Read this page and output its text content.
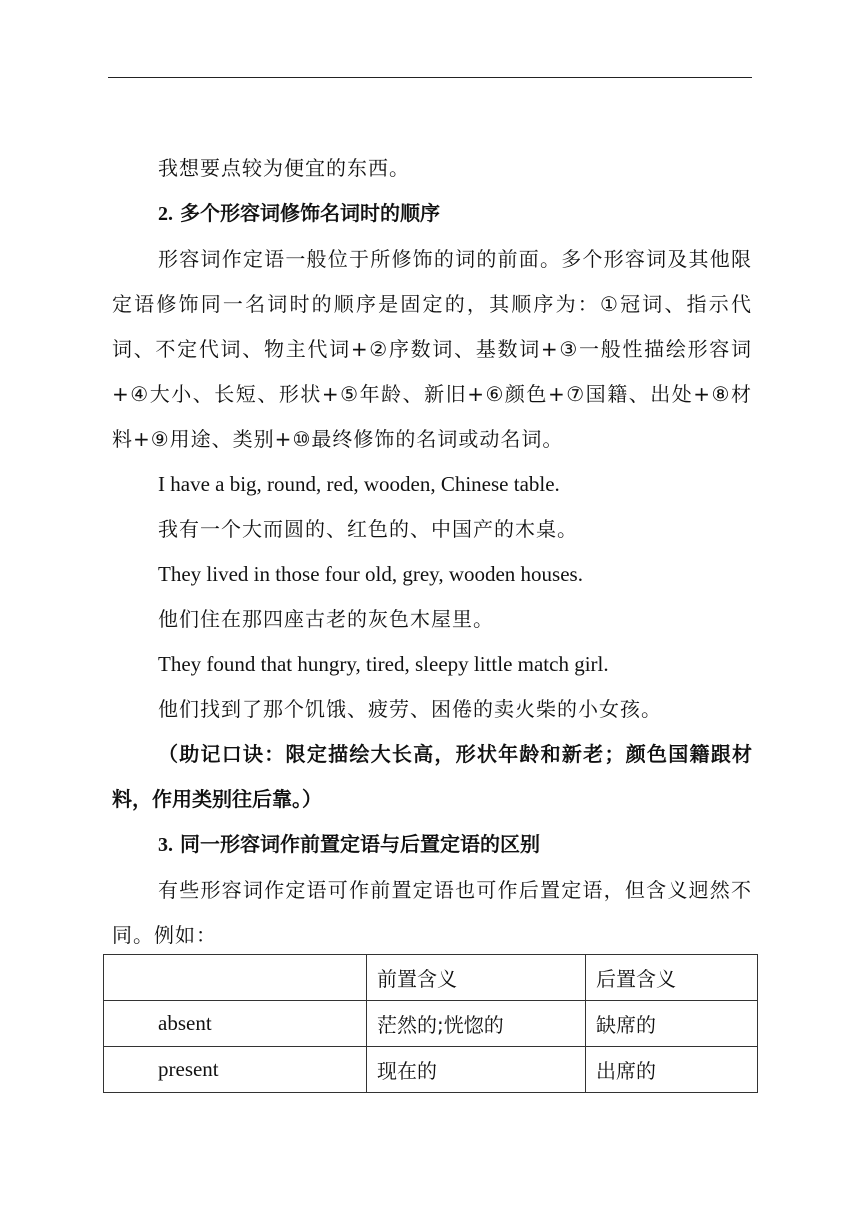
我想要点较为便宜的东西。

2. 多个形容词修饰名词时的顺序

形容词作定语一般位于所修饰的词的前面。多个形容词及其他限定语修饰同一名词时的顺序是固定的，其顺序为：①冠词、指示代词、不定代词、物主代词+②序数词、基数词+③一般性描绘形容词+④大小、长短、形状+⑤年龄、新旧+⑥颜色+⑦国籍、出处+⑧材料+⑨用途、类别+⑩最终修饰的名词或动名词。

I have a big, round, red, wooden, Chinese table.

我有一个大而圆的、红色的、中国产的木桌。

They lived in those four old, grey, wooden houses.

他们住在那四座古老的灰色木屋里。

They found that hungry, tired, sleepy little match girl.

他们找到了那个饥饿、疲劳、困倦的卖火柴的小女孩。

（助记口诀：限定描绘大长高，形状年龄和新老；颜色国籍跟材料，作用类别往后靠。）

3. 同一形容词作前置定语与后置定语的区别

有些形容词作定语可作前置定语也可作后置定语，但含义迥然不同。例如：

	前置含义	后置含义
absent	茫然的;恍惚的	缺席的
present	现在的	出席的
